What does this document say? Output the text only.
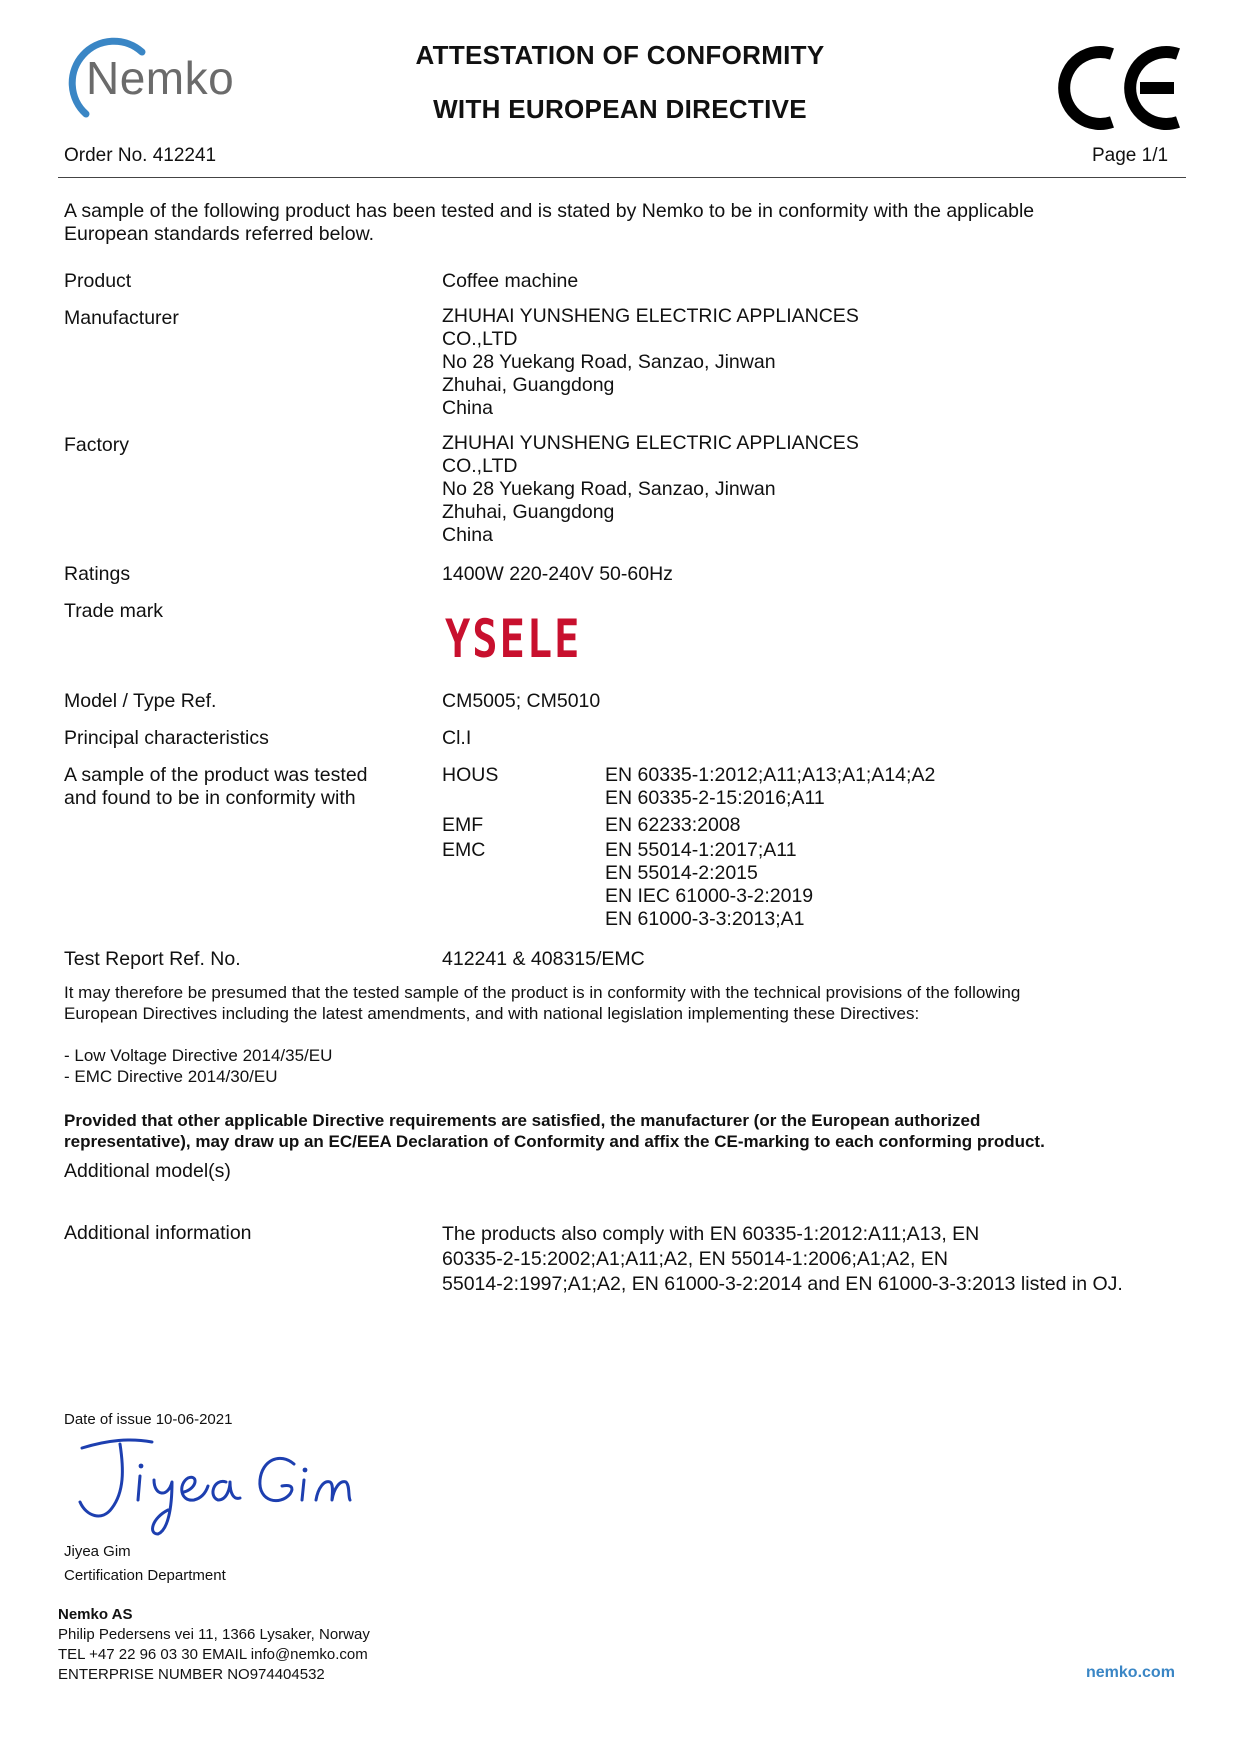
Nemko	ATTESTATION OF CONFORMITY
WITH EUROPEAN DIRECTIVE
Order No. 412241	Page 1/1
A sample of the following product has been tested and is stated by Nemko to be in conformity with the applicable
European standards referred below.
Product	Coffee machine
Manufacturer	ZHUHAI YUNSHENG ELECTRIC APPLIANCES
CO.,LTD
No 28 Yuekang Road, Sanzao, Jinwan
Zhuhai, Guangdong
China
Factory	ZHUHAI YUNSHENG ELECTRIC APPLIANCES
CO.,LTD
No 28 Yuekang Road, Sanzao, Jinwan
Zhuhai, Guangdong
China
Ratings	1400W 220-240V 50-60Hz
Trade mark	YSELE
Model / Type Ref.	CM5005; CM5010
Principal characteristics	Cl.I
A sample of the product was tested
and found to be in conformity with
HOUS	EN 60335-1:2012;A11;A13;A1;A14;A2
EN 60335-2-15:2016;A11
EMF	EN 62233:2008
EMC	EN 55014-1:2017;A11
EN 55014-2:2015
EN IEC 61000-3-2:2019
EN 61000-3-3:2013;A1
Test Report Ref. No.	412241 & 408315/EMC
It may therefore be presumed that the tested sample of the product is in conformity with the technical provisions of the following
European Directives including the latest amendments, and with national legislation implementing these Directives:
- Low Voltage Directive 2014/35/EU
- EMC Directive 2014/30/EU
Provided that other applicable Directive requirements are satisfied, the manufacturer (or the European authorized
representative), may draw up an EC/EEA Declaration of Conformity and affix the CE-marking to each conforming product.
Additional model(s)
Additional information	The products also comply with EN 60335-1:2012:A11;A13, EN
60335-2-15:2002;A1;A11;A2, EN 55014-1:2006;A1;A2, EN
55014-2:1997;A1;A2, EN 61000-3-2:2014 and EN 61000-3-3:2013 listed in OJ.
Date of issue 10-06-2021
Jiyea Gim
Certification Department
Nemko AS
Philip Pedersens vei 11, 1366 Lysaker, Norway
TEL +47 22 96 03 30 EMAIL info@nemko.com
ENTERPRISE NUMBER NO974404532	nemko.com
